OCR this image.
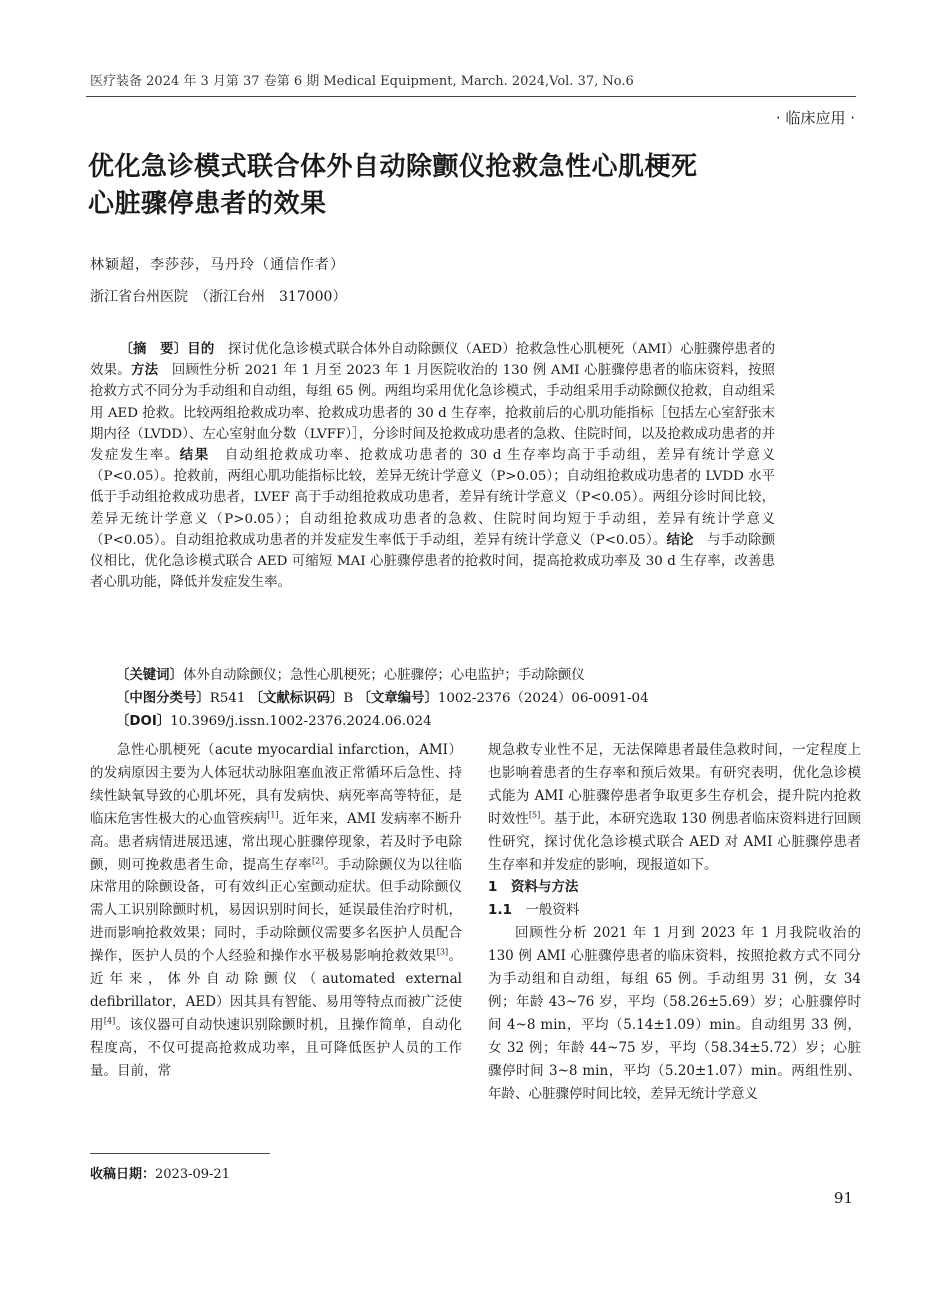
医疗装备 2024 年 3 月第 37 卷第 6 期 Medical Equipment, March. 2024,Vol. 37, No.6
· 临床应用 ·
优化急诊模式联合体外自动除颤仪抢救急性心肌梗死
心脏骤停患者的效果
林颖超，李莎莎，马丹玲（通信作者）
浙江省台州医院　（浙江台州　317000）
〔摘　要〕目的　探讨优化急诊模式联合体外自动除颤仪（AED）抢救急性心肌梗死（AMI）心脏骤停患者的效果。方法　回顾性分析 2021 年 1 月至 2023 年 1 月医院收治的 130 例 AMI 心脏骤停患者的临床资料，按照抢救方式不同分为手动组和自动组，每组 65 例。两组均采用优化急诊模式，手动组采用手动除颤仪抢救，自动组采用 AED 抢救。比较两组抢救成功率、抢救成功患者的 30 d 生存率，抢救前后的心肌功能指标［包括左心室舒张末期内径（LVDD）、左心室射血分数（LVFF）］，分诊时间及抢救成功患者的急救、住院时间，以及抢救成功患者的并发症发生率。结果　自动组抢救成功率、抢救成功患者的 30 d 生存率均高于手动组，差异有统计学意义（P<0.05）。抢救前，两组心肌功能指标比较，差异无统计学意义（P>0.05）；自动组抢救成功患者的 LVDD 水平低于手动组抢救成功患者，LVEF 高于手动组抢救成功患者，差异有统计学意义（P<0.05）。两组分诊时间比较，差异无统计学意义（P>0.05）；自动组抢救成功患者的急救、住院时间均短于手动组，差异有统计学意义（P<0.05）。自动组抢救成功患者的并发症发生率低于手动组，差异有统计学意义（P<0.05）。结论　与手动除颤仪相比，优化急诊模式联合 AED 可缩短 MAI 心脏骤停患者的抢救时间，提高抢救成功率及 30 d 生存率，改善患者心肌功能，降低并发症发生率。
〔关键词〕体外自动除颤仪；急性心肌梗死；心脏骤停；心电监护；手动除颤仪
〔中图分类号〕R541 〔文献标识码〕B 〔文章编号〕1002-2376（2024）06-0091-04
〔DOI〕10.3969/j.issn.1002-2376.2024.06.024

急性心肌梗死（acute myocardial infarction，AMI）的发病原因主要为人体冠状动脉阻塞血液正常循环后急性、持续性缺氧导致的心肌坏死，具有发病快、病死率高等特征，是临床危害性极大的心血管疾病[1]。近年来，AMI 发病率不断升高。患者病情进展迅速，常出现心脏骤停现象，若及时予电除颤，则可挽救患者生命，提高生存率[2]。手动除颤仪为以往临床常用的除颤设备，可有效纠正心室颤动症状。但手动除颤仪需人工识别除颤时机，易因识别时间长，延误最佳治疗时机，进而影响抢救效果；同时，手动除颤仪需要多名医护人员配合操作，医护人员的个人经验和操作水平极易影响抢救效果[3]。近年来，体外自动除颤仪（automated external defibrillator，AED）因其具有智能、易用等特点而被广泛使用[4]。该仪器可自动快速识别除颤时机，且操作简单，自动化程度高，不仅可提高抢救成功率，且可降低医护人员的工作量。目前，常

规急救专业性不足，无法保障患者最佳急救时间，一定程度上也影响着患者的生存率和预后效果。有研究表明，优化急诊模式能为 AMI 心脏骤停患者争取更多生存机会，提升院内抢救时效性[5]。基于此，本研究选取 130 例患者临床资料进行回顾性研究，探讨优化急诊模式联合 AED 对 AMI 心脏骤停患者生存率和并发症的影响，现报道如下。

1　资料与方法

1.1　一般资料

回顾性分析 2021 年 1 月到 2023 年 1 月我院收治的 130 例 AMI 心脏骤停患者的临床资料，按照抢救方式不同分为手动组和自动组，每组 65 例。手动组男 31 例，女 34 例；年龄 43~76 岁，平均（58.26±5.69）岁；心脏骤停时间 4~8 min，平均（5.14±1.09）min。自动组男 33 例，女 32 例；年龄 44~75 岁，平均（58.34±5.72）岁；心脏骤停时间 3~8 min，平均（5.20±1.07）min。两组性别、年龄、心脏骤停时间比较，差异无统计学意义

收稿日期：2023-09-21
91
